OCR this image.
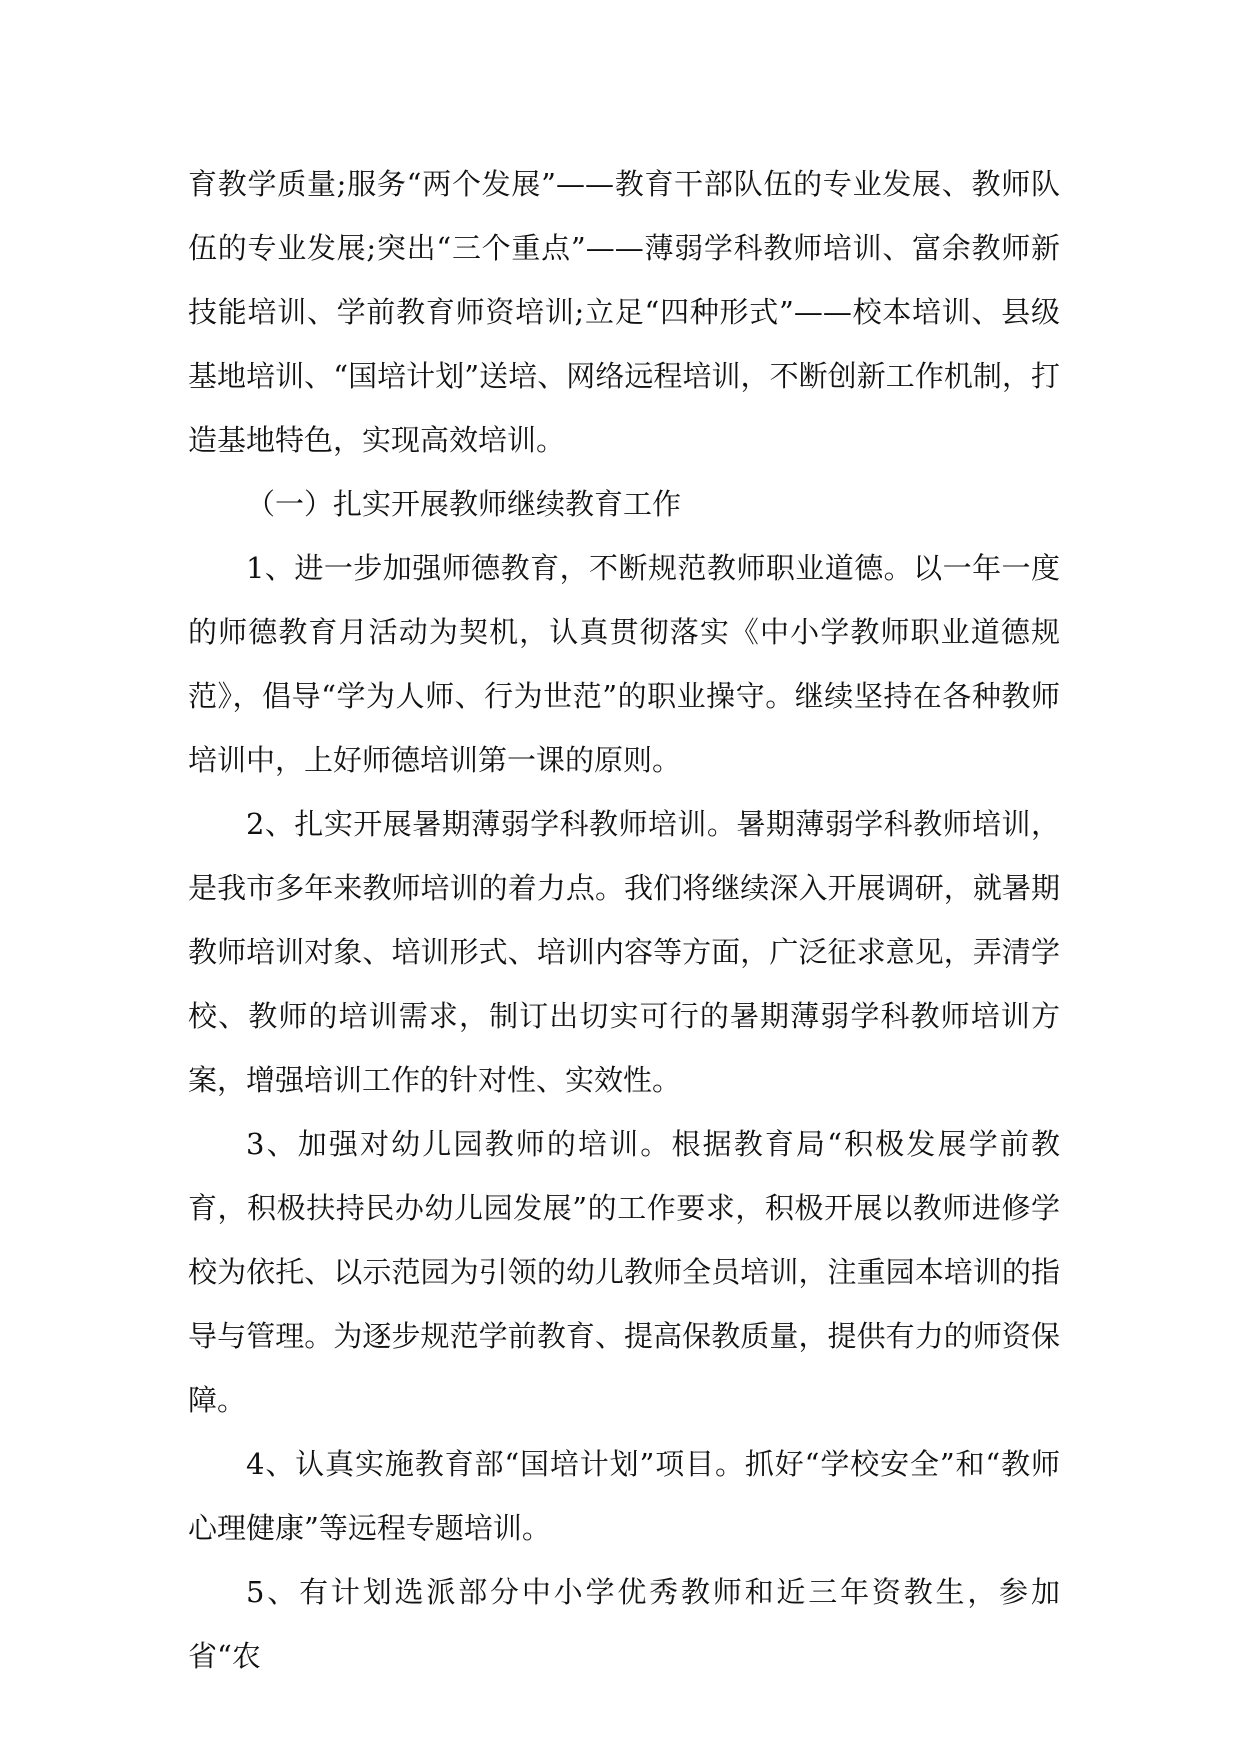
育教学质量;服务“两个发展”——教育干部队伍的专业发展、教师队伍的专业发展;突出“三个重点”——薄弱学科教师培训、富余教师新技能培训、学前教育师资培训;立足“四种形式”——校本培训、县级基地培训、“国培计划”送培、网络远程培训，不断创新工作机制，打造基地特色，实现高效培训。

（一）扎实开展教师继续教育工作

1、进一步加强师德教育，不断规范教师职业道德。以一年一度的师德教育月活动为契机，认真贯彻落实《中小学教师职业道德规范》，倡导“学为人师、行为世范”的职业操守。继续坚持在各种教师培训中，上好师德培训第一课的原则。

2、扎实开展暑期薄弱学科教师培训。暑期薄弱学科教师培训，是我市多年来教师培训的着力点。我们将继续深入开展调研，就暑期教师培训对象、培训形式、培训内容等方面，广泛征求意见，弄清学校、教师的培训需求，制订出切实可行的暑期薄弱学科教师培训方案，增强培训工作的针对性、实效性。

3、加强对幼儿园教师的培训。根据教育局“积极发展学前教育，积极扶持民办幼儿园发展”的工作要求，积极开展以教师进修学校为依托、以示范园为引领的幼儿教师全员培训，注重园本培训的指导与管理。为逐步规范学前教育、提高保教质量，提供有力的师资保障。

4、认真实施教育部“国培计划”项目。抓好“学校安全”和“教师心理健康”等远程专题培训。

5、有计划选派部分中小学优秀教师和近三年资教生，参加省“农
